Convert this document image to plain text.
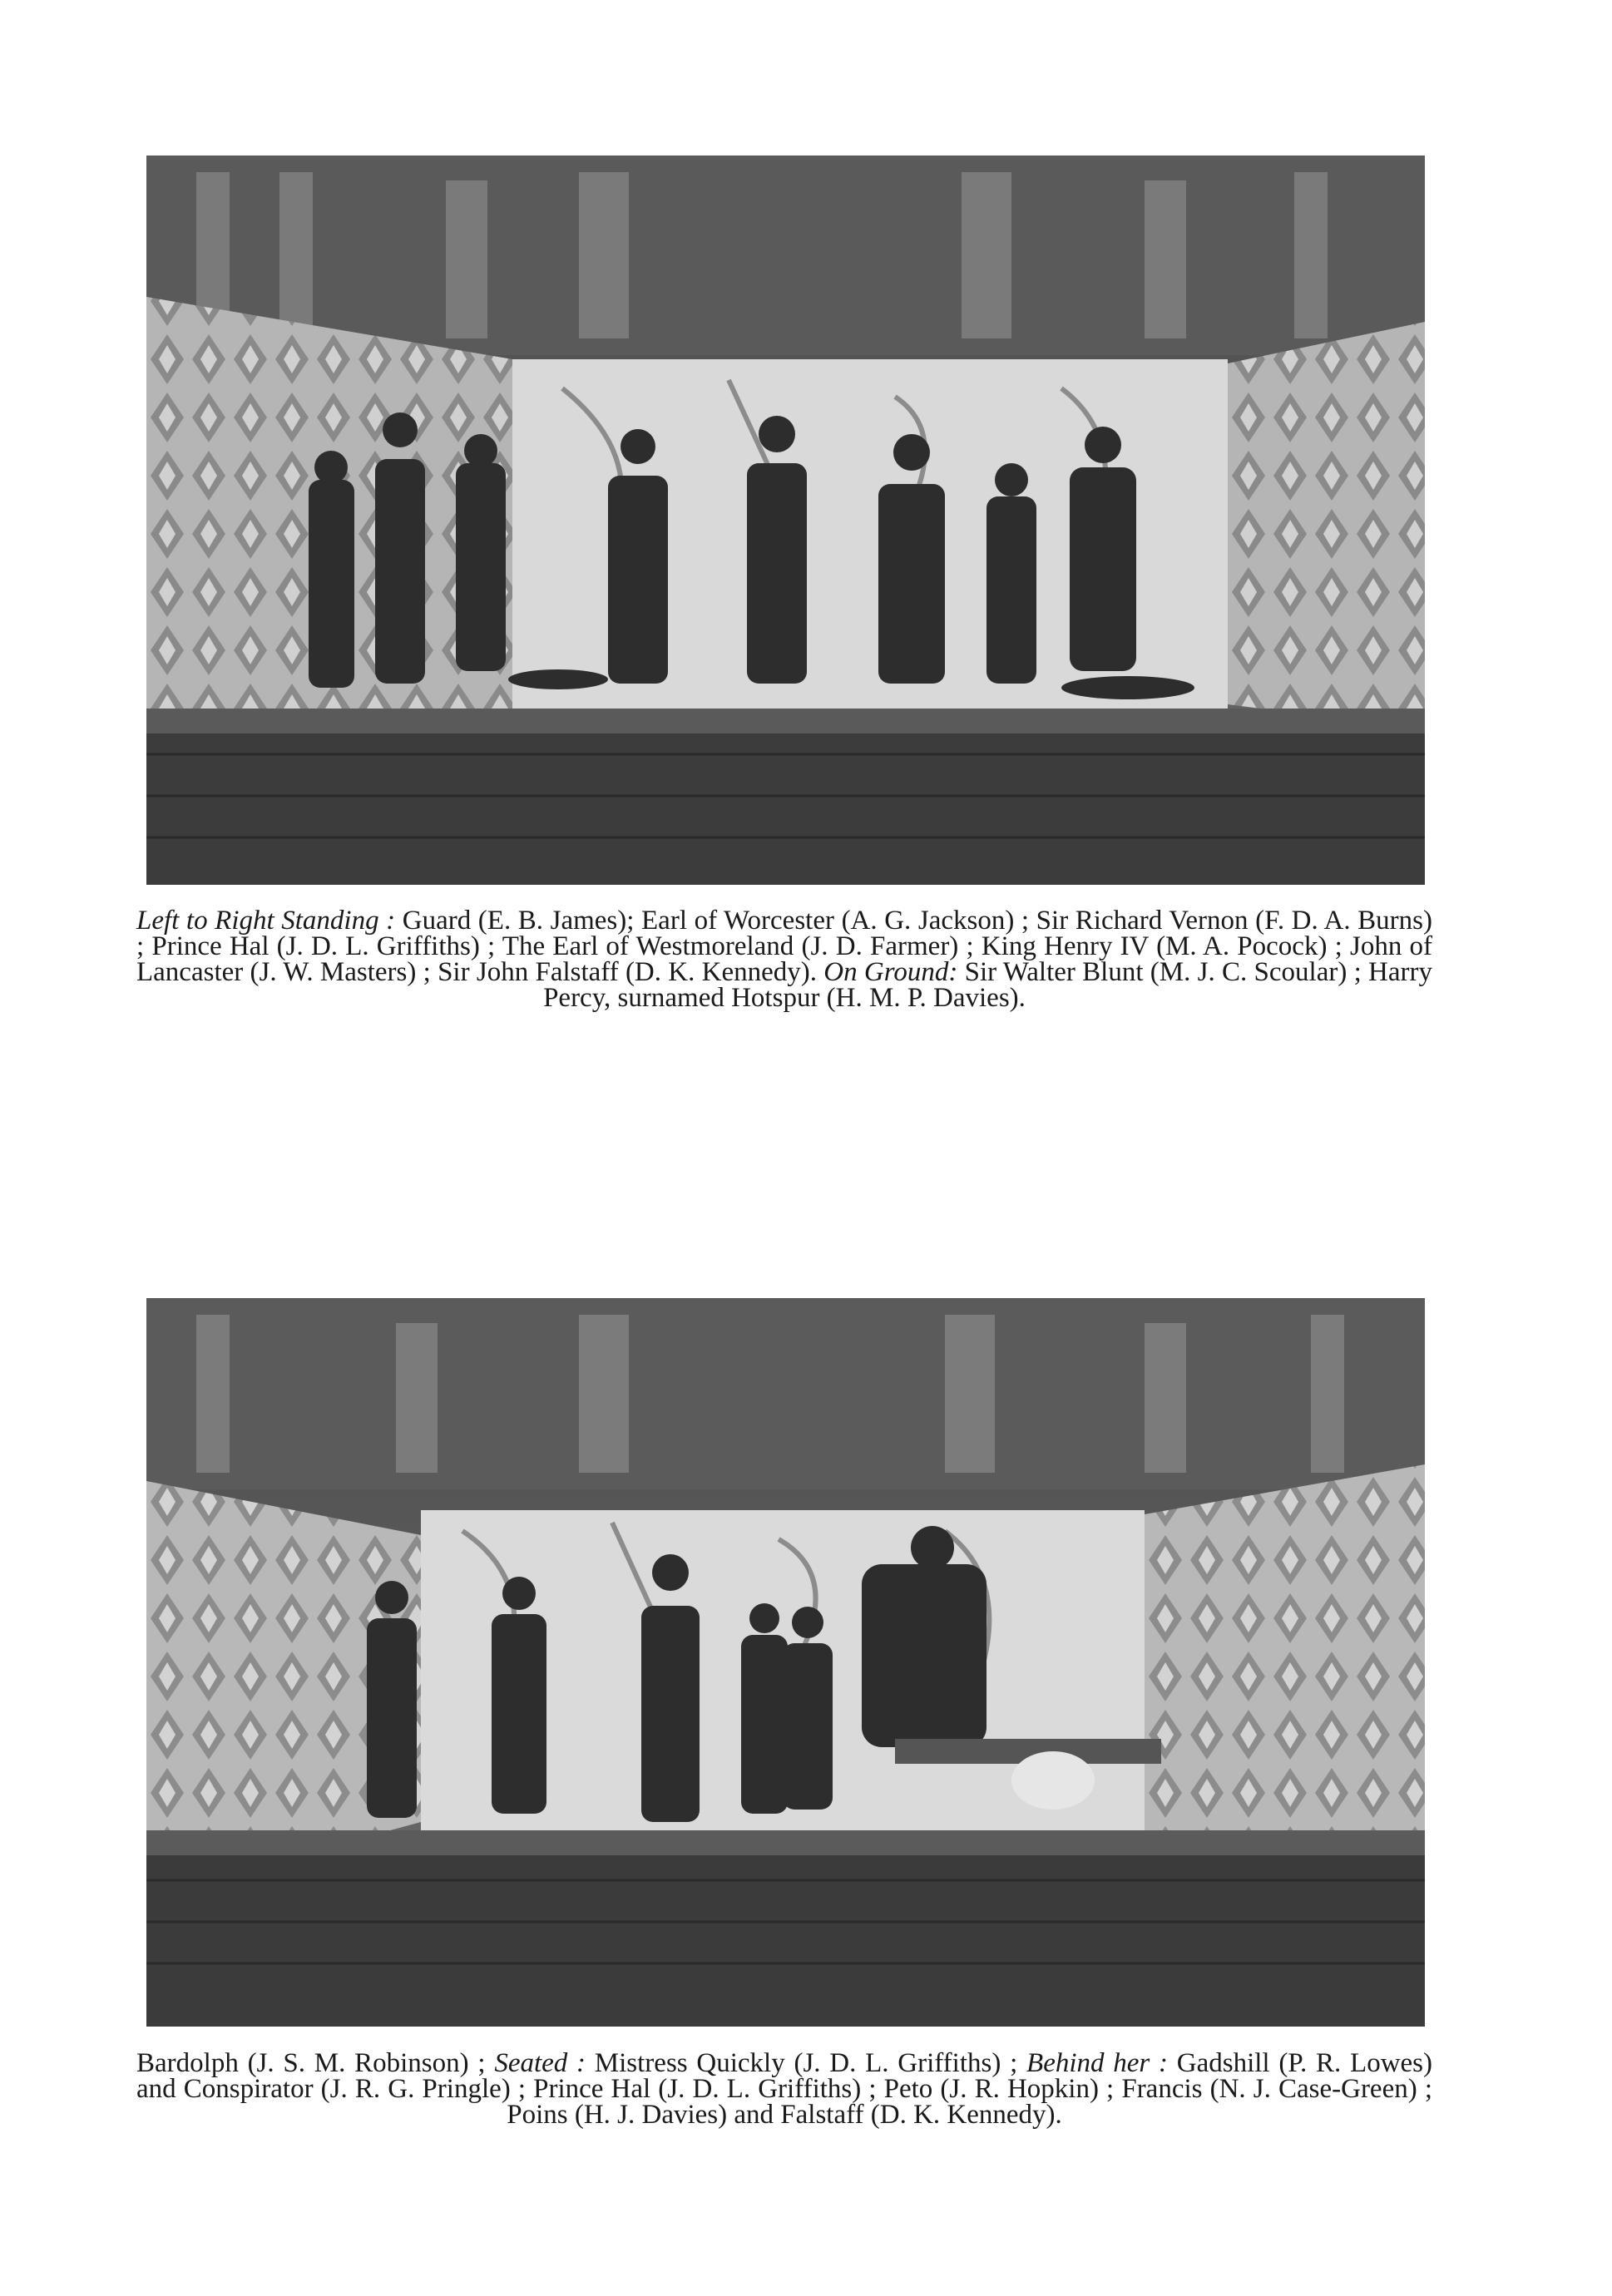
Left to Right Standing : Guard (E. B. James); Earl of Worcester (A. G. Jackson) ; Sir Richard Vernon (F. D. A. Burns) ; Prince Hal (J. D. L. Griffiths) ; The Earl of Westmoreland (J. D. Farmer) ; King Henry IV (M. A. Pocock) ; John of Lancaster (J. W. Masters) ; Sir John Falstaff (D. K. Kennedy). On Ground: Sir Walter Blunt (M. J. C. Scoular) ; Harry Percy, surnamed Hotspur (H. M. P. Davies).

Bardolph (J. S. M. Robinson) ; Seated : Mistress Quickly (J. D. L. Griffiths) ; Behind her : Gadshill (P. R. Lowes) and Conspirator (J. R. G. Pringle) ; Prince Hal (J. D. L. Griffiths) ; Peto (J. R. Hopkin) ; Francis (N. J. Case-Green) ; Poins (H. J. Davies) and Falstaff (D. K. Kennedy).
